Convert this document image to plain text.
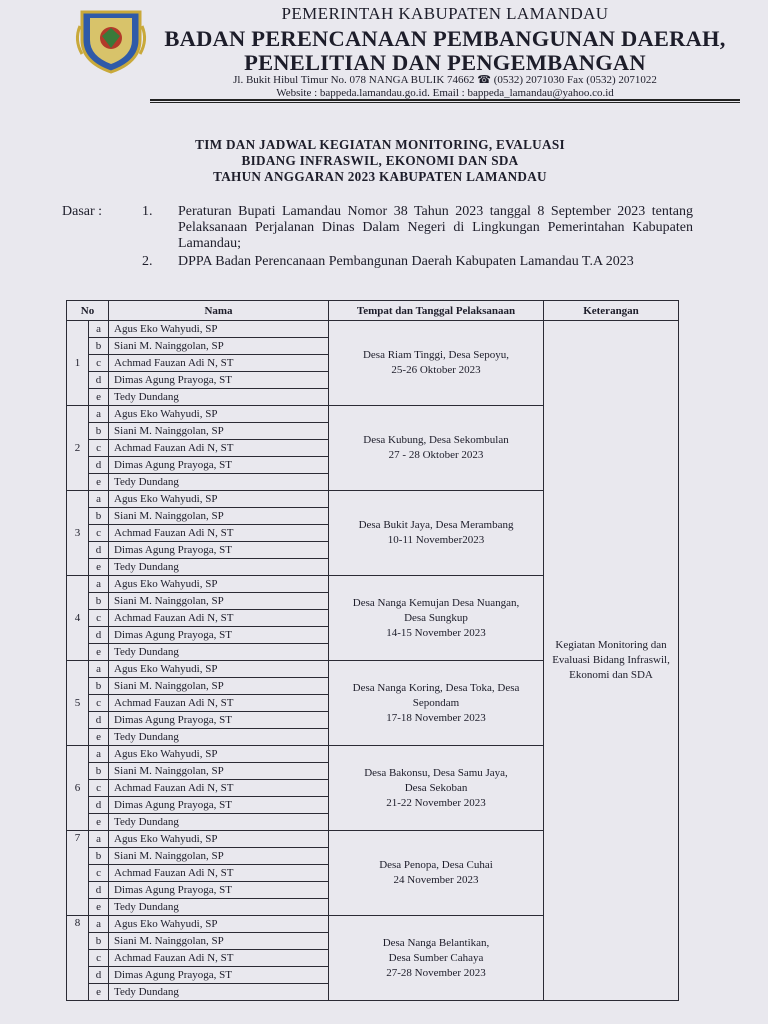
PEMERINTAH KABUPATEN LAMANDAU
BADAN PERENCANAAN PEMBANGUNAN DAERAH,
PENELITIAN DAN PENGEMBANGAN
Jl. Bukit Hibul Timur No. 078 NANGA BULIK 74662 ☎ (0532) 2071030 Fax (0532) 2071022
Website : bappeda.lamandau.go.id. Email : bappeda_lamandau@yahoo.co.id
TIM DAN JADWAL KEGIATAN MONITORING, EVALUASI
BIDANG INFRASWIL, EKONOMI DAN SDA
TAHUN ANGGARAN 2023 KABUPATEN LAMANDAU
Dasar :	1. Peraturan Bupati Lamandau Nomor 38 Tahun 2023 tanggal 8 September 2023 tentang Pelaksanaan Perjalanan Dinas Dalam Negeri di Lingkungan Pemerintahan Kabupaten Lamandau;
2. DPPA Badan Perencanaan Pembangunan Daerah Kabupaten Lamandau T.A 2023
No		Nama	Tempat dan Tanggal Pelaksanaan	Keterangan
1	a	Agus Eko Wahyudi, SP	Desa Riam Tinggi, Desa Sepoyu,
25-26 Oktober 2023	Kegiatan Monitoring dan Evaluasi Bidang Infraswil, Ekonomi dan SDA
	b	Siani M. Nainggolan, SP		
	c	Achmad Fauzan Adi N, ST		
	d	Dimas Agung Prayoga, ST		
	e	Tedy Dundang		
2	a	Agus Eko Wahyudi, SP	Desa Kubung, Desa Sekombulan
27 - 28 Oktober 2023	

	b	Siani M. Nainggolan, SP		
	c	Achmad Fauzan Adi N, ST		
	d	Dimas Agung Prayoga, ST		
	e	Tedy Dundang		
3	a	Agus Eko Wahyudi, SP	Desa Bukit Jaya, Desa Merambang
10-11 November2023	

	b	Siani M. Nainggolan, SP		
	c	Achmad Fauzan Adi N, ST		
	d	Dimas Agung Prayoga, ST		
	e	Tedy Dundang		
4	a	Agus Eko Wahyudi, SP	Desa Nanga Kemujan Desa Nuangan,
Desa Sungkup
14-15 November 2023	

	b	Siani M. Nainggolan, SP		
	c	Achmad Fauzan Adi N, ST		
	d	Dimas Agung Prayoga, ST		
	e	Tedy Dundang		
5	a	Agus Eko Wahyudi, SP	Desa Nanga Koring, Desa Toka, Desa
Sepondam
17-18 November 2023	

	b	Siani M. Nainggolan, SP		
	c	Achmad Fauzan Adi N, ST		
	d	Dimas Agung Prayoga, ST		
	e	Tedy Dundang		
6	a	Agus Eko Wahyudi, SP	Desa Bakonsu, Desa Samu Jaya,
Desa Sekoban
21-22 November 2023	

	b	Siani M. Nainggolan, SP		
	c	Achmad Fauzan Adi N, ST		
	d	Dimas Agung Prayoga, ST		
	e	Tedy Dundang		
7	a	Agus Eko Wahyudi, SP	Desa Penopa, Desa Cuhai
24 November 2023	

	b	Siani M. Nainggolan, SP		
	c	Achmad Fauzan Adi N, ST		
	d	Dimas Agung Prayoga, ST		
	e	Tedy Dundang		
8	a	Agus Eko Wahyudi, SP	Desa Nanga Belantikan,
Desa Sumber Cahaya
27-28 November 2023	

	b	Siani M. Nainggolan, SP		
	c	Achmad Fauzan Adi N, ST		
	d	Dimas Agung Prayoga, ST		
	e	Tedy Dundang		
